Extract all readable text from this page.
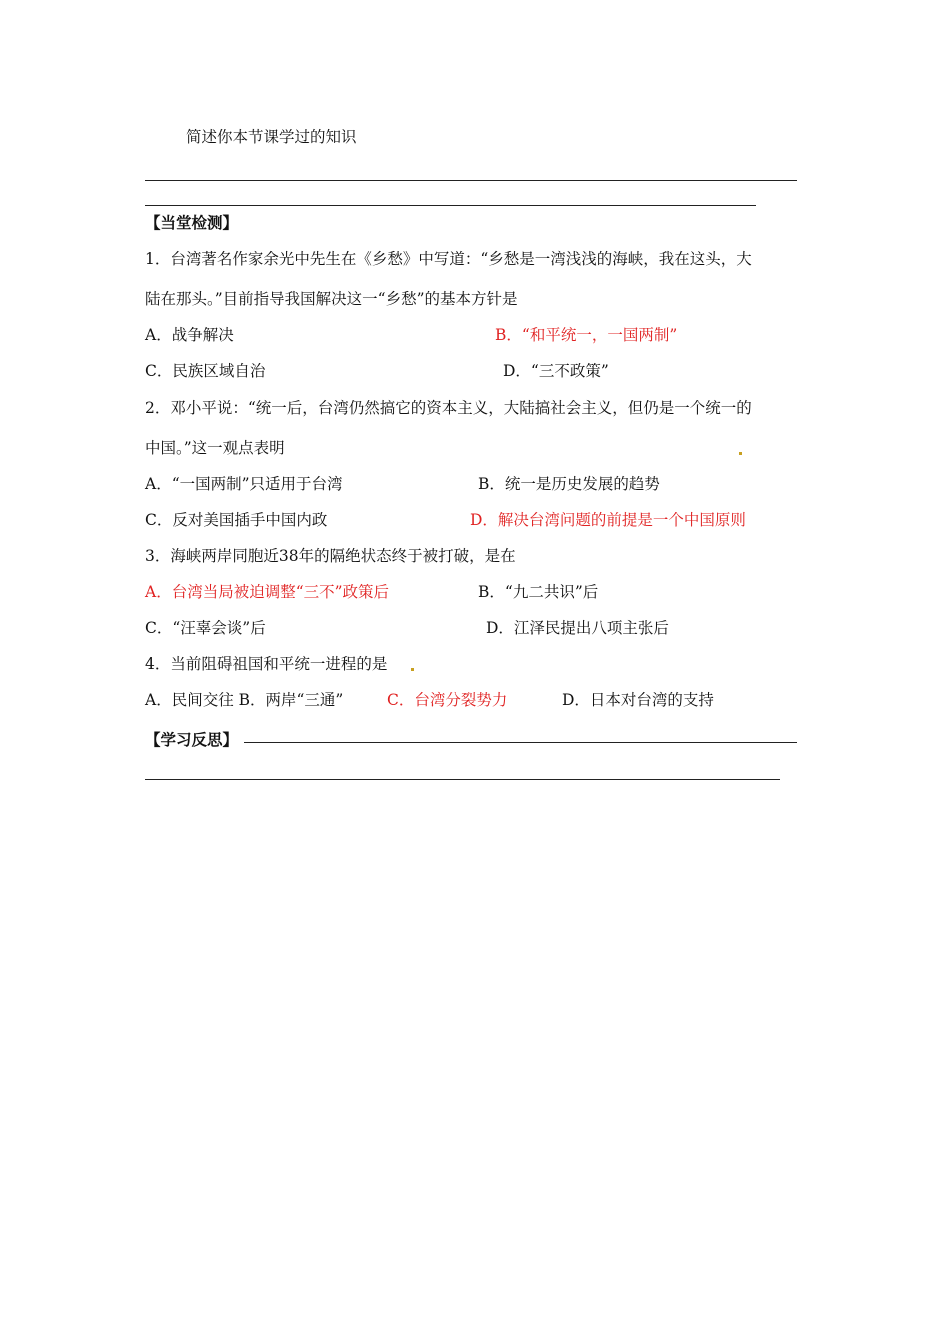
简述你本节课学过的知识
【当堂检测】
1．台湾著名作家余光中先生在《乡愁》中写道：“乡愁是一湾浅浅的海峡，我在这头，大
陆在那头。”目前指导我国解决这一“乡愁”的基本方针是
A．战争解决	B．“和平统一，一国两制”
C．民族区域自治	D．“三不政策”
2．邓小平说：“统一后，台湾仍然搞它的资本主义，大陆搞社会主义，但仍是一个统一的
中国。”这一观点表明
A．“一国两制”只适用于台湾	B．统一是历史发展的趋势
C．反对美国插手中国内政	D．解决台湾问题的前提是一个中国原则
3．海峡两岸同胞近38年的隔绝状态终于被打破，是在
A．台湾当局被迫调整“三不”政策后	B．“九二共识”后
C．“汪辜会谈”后	D．江泽民提出八项主张后
4．当前阻碍祖国和平统一进程的是
A．民间交往 B．两岸“三通”	C．台湾分裂势力	D．日本对台湾的支持
【学习反思】
